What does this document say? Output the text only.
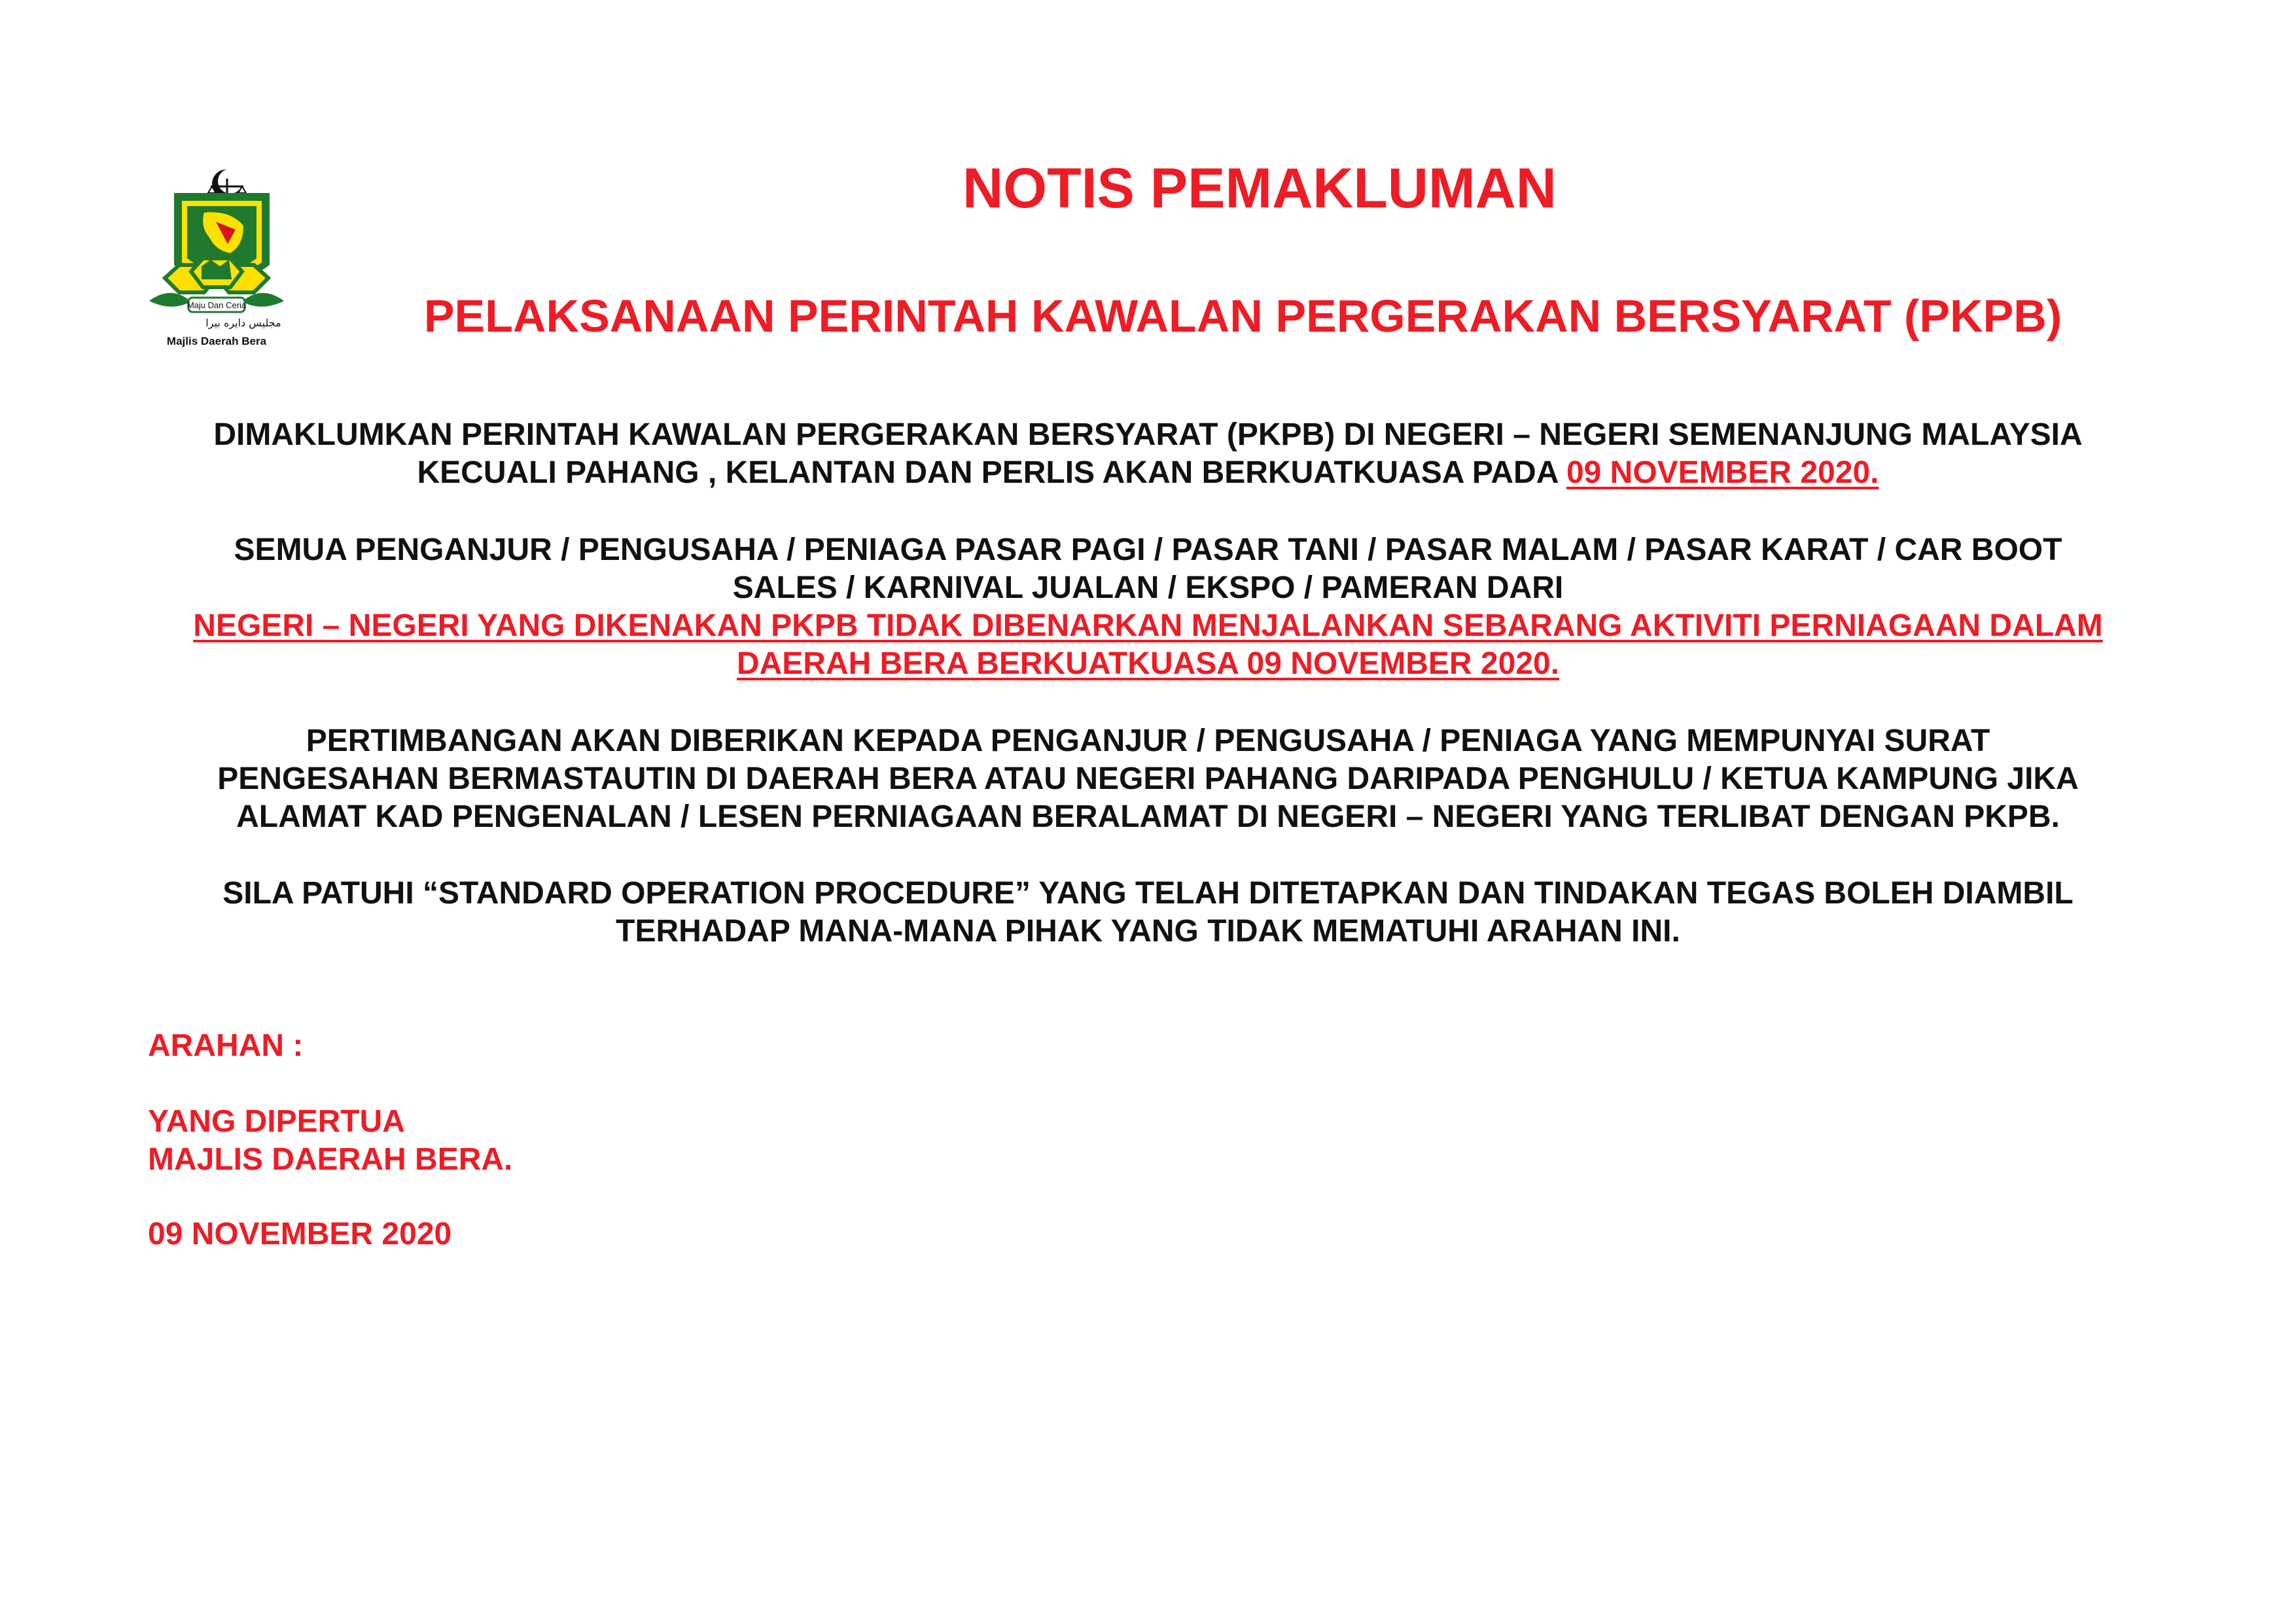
Maju Dan Ceria
مجليس دايره بيرا
Majlis Daerah Bera
NOTIS PEMAKLUMAN
PELAKSANAAN PERINTAH KAWALAN PERGERAKAN BERSYARAT (PKPB)
DIMAKLUMKAN PERINTAH KAWALAN PERGERAKAN BERSYARAT (PKPB) DI NEGERI – NEGERI SEMENANJUNG MALAYSIA
KECUALI PAHANG , KELANTAN DAN PERLIS AKAN BERKUATKUASA PADA 09 NOVEMBER 2020.
SEMUA PENGANJUR / PENGUSAHA / PENIAGA PASAR PAGI / PASAR TANI / PASAR MALAM / PASAR KARAT / CAR BOOT
SALES / KARNIVAL JUALAN / EKSPO / PAMERAN DARI
NEGERI – NEGERI YANG DIKENAKAN PKPB TIDAK DIBENARKAN MENJALANKAN SEBARANG AKTIVITI PERNIAGAAN DALAM
DAERAH BERA BERKUATKUASA 09 NOVEMBER 2020.
PERTIMBANGAN AKAN DIBERIKAN KEPADA PENGANJUR / PENGUSAHA / PENIAGA YANG MEMPUNYAI SURAT
PENGESAHAN BERMASTAUTIN DI DAERAH BERA ATAU NEGERI PAHANG DARIPADA PENGHULU / KETUA KAMPUNG JIKA
ALAMAT KAD PENGENALAN / LESEN PERNIAGAAN BERALAMAT DI NEGERI – NEGERI YANG TERLIBAT DENGAN PKPB.
SILA PATUHI “STANDARD OPERATION PROCEDURE” YANG TELAH DITETAPKAN DAN TINDAKAN TEGAS BOLEH DIAMBIL
TERHADAP MANA-MANA PIHAK YANG TIDAK MEMATUHI ARAHAN INI.

ARAHAN :

YANG DIPERTUA

MAJLIS DAERAH BERA.

09 NOVEMBER 2020
